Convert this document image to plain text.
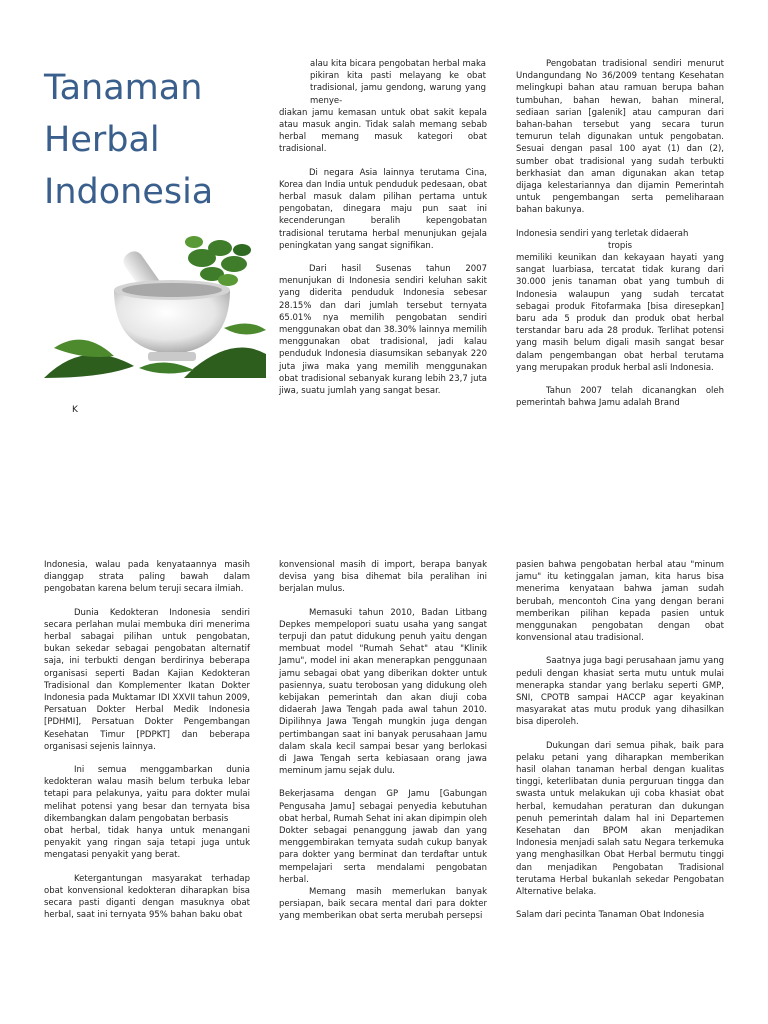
Tanaman
Herbal
Indonesia
K

alau kita bicara pengobatan herbal maka pikiran kita pasti melayang ke obat tradisional, jamu gendong, warung yang menye-

diakan jamu kemasan untuk obat sakit kepala atau masuk angin. Tidak salah memang sebab herbal memang masuk kategori obat tradisional.

Di negara Asia lainnya terutama Cina, Korea dan India untuk penduduk pedesaan, obat herbal masuk dalam pilihan pertama untuk pengobatan, dinegara maju pun saat ini kecenderungan beralih kepengobatan tradisional terutama herbal menunjukan gejala peningkatan yang sangat signifikan.

Dari hasil Susenas tahun 2007 menunjukan di Indonesia sendiri keluhan sakit yang diderita penduduk Indonesia sebesar 28.15% dan dari jumlah tersebut ternyata 65.01% nya memilih pengobatan sendiri menggunakan obat dan 38.30% lainnya memilih menggunakan obat tradisional, jadi kalau penduduk Indonesia diasumsikan sebanyak 220 juta jiwa maka yang memilih menggunakan obat tradisional sebanyak kurang lebih 23,7 juta jiwa, suatu jumlah yang sangat besar.

Pengobatan tradisional sendiri menurut Undangundang No 36/2009 tentang Kesehatan melingkupi bahan atau ramuan berupa bahan tumbuhan, bahan hewan, bahan mineral, sediaan sarian [galenik] atau campuran dari bahan-bahan tersebut yang secara turun temurun telah digunakan untuk pengobatan. Sesuai dengan pasal 100 ayat (1) dan (2), sumber obat tradisional yang sudah terbukti berkhasiat dan aman digunakan akan tetap dijaga kelestariannya dan dijamin Pemerintah untuk pengembangan serta pemeliharaan bahan bakunya.

Indonesia sendiri yang terletak didaerah

tropis

memiliki keunikan dan kekayaan hayati yang sangat luarbiasa, tercatat tidak kurang dari 30.000 jenis tanaman obat yang tumbuh di Indonesia walaupun yang sudah tercatat sebagai produk Fitofarmaka [bisa diresepkan] baru ada 5 produk dan produk obat herbal terstandar baru ada 28 produk. Terlihat potensi yang masih belum digali masih sangat besar dalam pengembangan obat herbal terutama yang merupakan produk herbal asli Indonesia.

Tahun 2007 telah dicanangkan oleh pemerintah bahwa Jamu adalah Brand

Indonesia, walau pada kenyataannya masih dianggap strata paling bawah dalam pengobatan karena belum teruji secara ilmiah.

Dunia Kedokteran Indonesia sendiri secara perlahan mulai membuka diri menerima herbal sabagai pilihan untuk pengobatan, bukan sekedar sebagai pengobatan alternatif saja, ini terbukti dengan berdirinya beberapa organisasi seperti Badan Kajian Kedokteran Tradisional dan Komplementer Ikatan Dokter Indonesia pada Muktamar IDI XXVII tahun 2009, Persatuan Dokter Herbal Medik Indonesia [PDHMI], Persatuan Dokter Pengembangan Kesehatan Timur [PDPKT] dan beberapa organisasi sejenis lainnya.

Ini semua menggambarkan dunia kedokteran walau masih belum terbuka lebar tetapi para pelakunya, yaitu para dokter mulai melihat potensi yang besar dan ternyata bisa dikembangkan dalam pengobatan berbasis

obat herbal, tidak hanya untuk menangani penyakit yang ringan saja tetapi juga untuk mengatasi penyakit yang berat.

Ketergantungan masyarakat terhadap obat konvensional kedokteran diharapkan bisa secara pasti diganti dengan masuknya obat herbal, saat ini ternyata 95% bahan baku obat

konvensional masih di import, berapa banyak devisa yang bisa dihemat bila peralihan ini berjalan mulus.

Memasuki tahun 2010, Badan Litbang Depkes mempelopori suatu usaha yang sangat terpuji dan patut didukung penuh yaitu dengan membuat model "Rumah Sehat" atau "Klinik Jamu", model ini akan menerapkan penggunaan jamu sebagai obat yang diberikan dokter untuk pasiennya, suatu terobosan yang didukung oleh kebijakan pemerintah dan akan diuji coba didaerah Jawa Tengah pada awal tahun 2010. Dipilihnya Jawa Tengah mungkin juga dengan pertimbangan saat ini banyak perusahaan Jamu dalam skala kecil sampai besar yang berlokasi di Jawa Tengah serta kebiasaan orang jawa meminum jamu sejak dulu.

Bekerjasama dengan GP Jamu [Gabungan Pengusaha Jamu] sebagai penyedia kebutuhan obat herbal, Rumah Sehat ini akan dipimpin oleh Dokter sebagai penanggung jawab dan yang menggembirakan ternyata sudah cukup banyak para dokter yang berminat dan terdaftar untuk mempelajari serta mendalami pengobatan herbal.

Memang masih memerlukan banyak persiapan, baik secara mental dari para dokter yang memberikan obat serta merubah persepsi

pasien bahwa pengobatan herbal atau "minum jamu" itu ketinggalan jaman, kita harus bisa menerima kenyataan bahwa jaman sudah berubah, mencontoh Cina yang dengan berani memberikan pilihan kepada pasien untuk menggunakan pengobatan dengan obat konvensional atau tradisional.

Saatnya juga bagi perusahaan jamu yang peduli dengan khasiat serta mutu untuk mulai menerapka standar yang berlaku seperti GMP, SNI, CPOTB sampai HACCP agar keyakinan masyarakat atas mutu produk yang dihasilkan bisa diperoleh.

Dukungan dari semua pihak, baik para pelaku petani yang diharapkan memberikan hasil olahan tanaman herbal dengan kualitas tinggi, keterlibatan dunia perguruan tingga dan swasta untuk melakukan uji coba khasiat obat herbal, kemudahan peraturan dan dukungan penuh pemerintah dalam hal ini Departemen Kesehatan dan BPOM akan menjadikan Indonesia menjadi salah satu Negara terkemuka yang menghasilkan Obat Herbal bermutu tinggi dan menjadikan Pengobatan Tradisional terutama Herbal bukanlah sekedar Pengobatan Alternative belaka.

Salam dari pecinta Tanaman Obat Indonesia
